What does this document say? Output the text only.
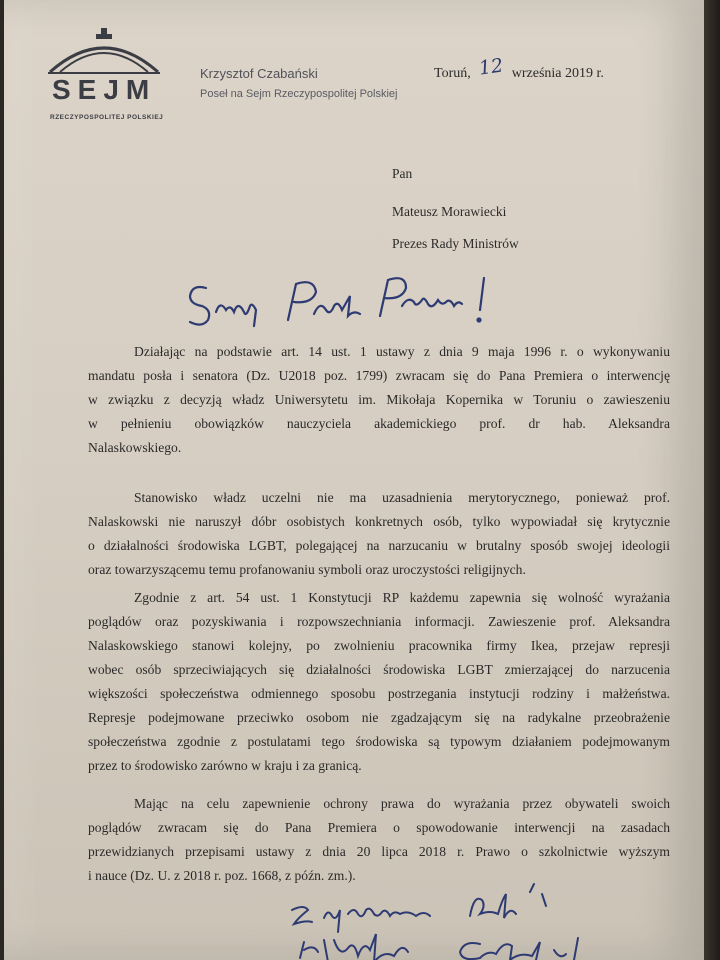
SEJM
RZECZYPOSPOLITEJ POLSKIEJ
Krzysztof Czabański
Poseł na Sejm Rzeczypospolitej Polskiej
Toruń, 12 września 2019 r.
Pan
Mateusz Morawiecki
Prezes Rady Ministrów
Działając na podstawie art. 14 ust. 1 ustawy z dnia 9 maja 1996 r. o wykonywaniu
mandatu posła i senatora (Dz. U2018 poz. 1799) zwracam się do Pana Premiera o interwencję
w związku z decyzją władz Uniwersytetu im. Mikołaja Kopernika w Toruniu o zawieszeniu
w pełnieniu obowiązków nauczyciela akademickiego prof. dr hab. Aleksandra
Nalaskowskiego.
Stanowisko władz uczelni nie ma uzasadnienia merytorycznego, ponieważ prof.
Nalaskowski nie naruszył dóbr osobistych konkretnych osób, tylko wypowiadał się krytycznie
o działalności środowiska LGBT, polegającej na narzucaniu w brutalny sposób swojej ideologii
oraz towarzyszącemu temu profanowaniu symboli oraz uroczystości religijnych.
Zgodnie z art. 54 ust. 1 Konstytucji RP każdemu zapewnia się wolność wyrażania
poglądów oraz pozyskiwania i rozpowszechniania informacji. Zawieszenie prof. Aleksandra
Nalaskowskiego stanowi kolejny, po zwolnieniu pracownika firmy Ikea, przejaw represji
wobec osób sprzeciwiających się działalności środowiska LGBT zmierzającej do narzucenia
większości społeczeństwa odmiennego sposobu postrzegania instytucji rodziny i małżeństwa.
Represje podejmowane przeciwko osobom nie zgadzającym się na radykalne przeobrażenie
społeczeństwa zgodnie z postulatami tego środowiska są typowym działaniem podejmowanym
przez to środowisko zarówno w kraju i za granicą.
Mając na celu zapewnienie ochrony prawa do wyrażania przez obywateli swoich
poglądów zwracam się do Pana Premiera o spowodowanie interwencji na zasadach
przewidzianych przepisami ustawy z dnia 20 lipca 2018 r. Prawo o szkolnictwie wyższym
i nauce (Dz. U. z 2018 r. poz. 1668, z późn. zm.).
